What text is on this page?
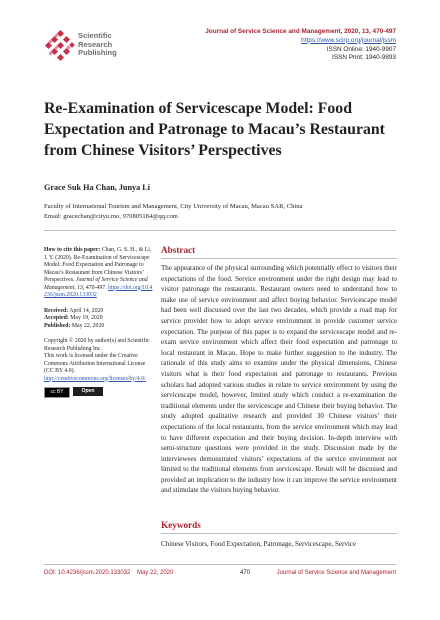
Scientific
Research
Publishing
Journal of Service Science and Management, 2020, 13, 470-497
https://www.scirp.org/journal/jssm
ISSN Online: 1940-9907
ISSN Print: 1940-9893
Re-Examination of Servicescape Model: Food Expectation and Patronage to Macau’s Restaurant from Chinese Visitors’ Perspectives
Grace Suk Ha Chan, Junya Li
Faculty of International Tourism and Management, City University of Macau, Macau SAR, China
Email: gracechan@cityu.mo, 970805184@qq.com
How to cite this paper: Chan, G. S. H., & Li, J. Y. (2020). Re-Examination of Servicescape Model: Food Expectation and Patronage to Macau’s Restaurant from Chinese Visitors’ Perspectives. Journal of Service Science and Management, 13, 470-497. https://doi.org/10.4236/jssm.2020.133032
Received: April 14, 2020
Accepted: May 19, 2020
Published: May 22, 2020
Copyright © 2020 by author(s) and Scientific Research Publishing Inc.
This work is licensed under the Creative Commons Attribution International License (CC BY 4.0).
http://creativecommons.org/licenses/by/4.0/
cc BY	Open Access
Abstract
The appearance of the physical surrounding which potentially effect to visitors their expectations of the food. Service environment under the right design may lead to visitor patronage the restaurants. Restaurant owners need to understand how to make use of service environment and affect buying behavior. Servicescape model had been well discussed over the last two decades, which provide a road map for service provider how to adopt service environment in provide customer service expectation. The purpose of this paper is to expand the servicescape model and re-exam service environment which affect their food expectation and patronage to local restaurant in Macau. Hope to make further suggestion to the industry. The rationale of this study aims to examine under the physical dimensions, Chinese visitors what is their food expectation and patronage to restaurants. Previous scholars had adopted various studies in relate to service environment by using the servicescape model, however, limited study which conduct a re-examination the traditional elements under the servicescape and Chinese their buying behavior. The study adopted qualitative research and provided 30 Chinese visitors’ their expectations of the local restaurants, from the service environment which may lead to have different expectation and their buying decision. In-depth interview with semi-structure questions were provided in the study. Discussion made by the interviewees demonstrated visitors’ expectations of the service environment not limited to the traditional elements from servicescape. Result will be discussed and provided an implication to the industry how it can improve the service environment and stimulate the visitors buying behavior.
Keywords
Chinese Visitors, Food Expectation, Patronage, Servicescape, Service
DOI: 10.4236/jssm.2020.133032 May 22, 2020	470	Journal of Service Science and Management
